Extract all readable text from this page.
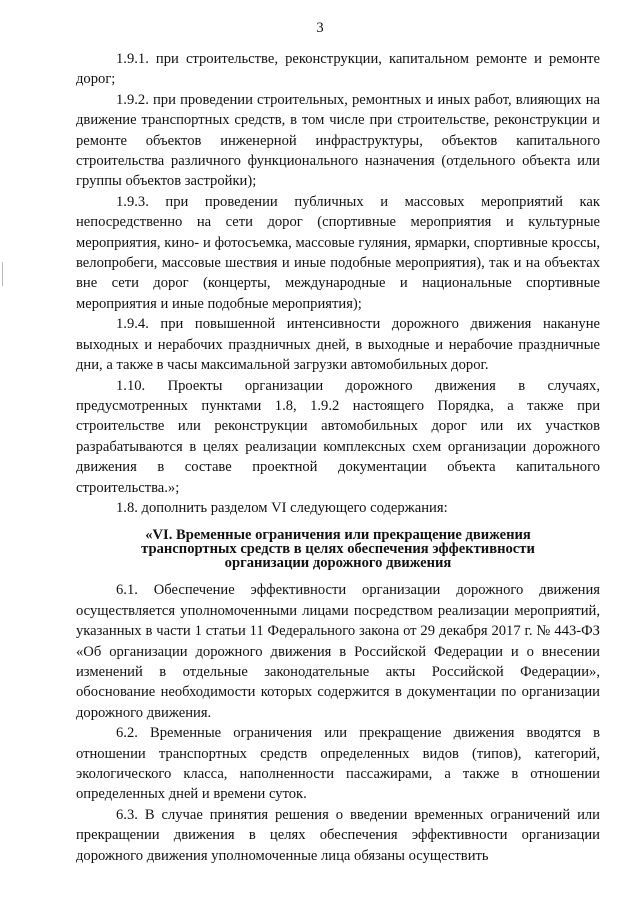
3

1.9.1. при строительстве, реконструкции, капитальном ремонте и ремонте дорог;

1.9.2. при проведении строительных, ремонтных и иных работ, влияющих на движение транспортных средств, в том числе при строительстве, реконструкции и ремонте объектов инженерной инфраструктуры, объектов капитального строительства различного функционального назначения (отдельного объекта или группы объектов застройки);

1.9.3. при проведении публичных и массовых мероприятий как непосредственно на сети дорог (спортивные мероприятия и культурные мероприятия, кино- и фотосъемка, массовые гуляния, ярмарки, спортивные кроссы, велопробеги, массовые шествия и иные подобные мероприятия), так и на объектах вне сети дорог (концерты, международные и национальные спортивные мероприятия и иные подобные мероприятия);

1.9.4. при повышенной интенсивности дорожного движения накануне выходных и нерабочих праздничных дней, в выходные и нерабочие праздничные дни, а также в часы максимальной загрузки автомобильных дорог.

1.10. Проекты организации дорожного движения в случаях, предусмотренных пунктами 1.8, 1.9.2 настоящего Порядка, а также при строительстве или реконструкции автомобильных дорог или их участков разрабатываются в целях реализации комплексных схем организации дорожного движения в составе проектной документации объекта капитального строительства.»;

1.8. дополнить разделом VI следующего содержания:

«VI. Временные ограничения или прекращение движения
транспортных средств в целях обеспечения эффективности
организации дорожного движения

6.1. Обеспечение эффективности организации дорожного движения осуществляется уполномоченными лицами посредством реализации мероприятий, указанных в части 1 статьи 11 Федерального закона от 29 декабря 2017 г. № 443-ФЗ «Об организации дорожного движения в Российской Федерации и о внесении изменений в отдельные законодательные акты Российской Федерации», обоснование необходимости которых содержится в документации по организации дорожного движения.

6.2. Временные ограничения или прекращение движения вводятся в отношении транспортных средств определенных видов (типов), категорий, экологического класса, наполненности пассажирами, а также в отношении определенных дней и времени суток.

6.3. В случае принятия решения о введении временных ограничений или прекращении движения в целях обеспечения эффективности организации дорожного движения уполномоченные лица обязаны осуществить
